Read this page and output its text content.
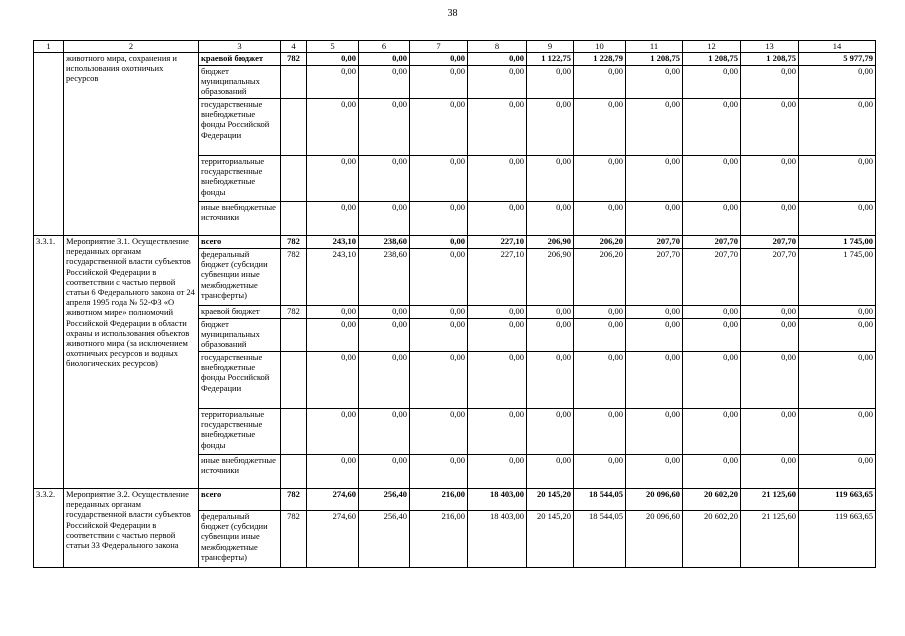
38
1	2	3	4	5	6	7	8	9	10	11	12	13	14
	животного мира, сохранения и использования охотничьих ресурсов	краевой бюджет	782	0,00	0,00	0,00	0,00	1 122,75	1 228,79	1 208,75	1 208,75	1 208,75	5 977,79
		бюджет муниципальных образований		0,00	0,00	0,00	0,00	0,00	0,00	0,00	0,00	0,00	0,00
		государственные внебюджетные фонды Российской Федерации		0,00	0,00	0,00	0,00	0,00	0,00	0,00	0,00	0,00	0,00
		территориальные государственные внебюджетные фонды		0,00	0,00	0,00	0,00	0,00	0,00	0,00	0,00	0,00	0,00
		иные внебюджетные источники		0,00	0,00	0,00	0,00	0,00	0,00	0,00	0,00	0,00	0,00
3.3.1.	Мероприятие 3.1. Осуществление переданных органам государственной власти субъектов Российской Федерации в соответствии с частью первой статьи 6 Федерального закона от 24 апреля 1995 года № 52-ФЗ «О животном мире» полномочий Российской Федерации в области охраны и использования объектов животного мира (за исключением охотничьих ресурсов и водных биологических ресурсов)	всего	782	243,10	238,60	0,00	227,10	206,90	206,20	207,70	207,70	207,70	1 745,00
		федеральный бюджет (субсидии субвенции иные межбюджетные трансферты)	782	243,10	238,60	0,00	227,10	206,90	206,20	207,70	207,70	207,70	1 745,00
		краевой бюджет	782	0,00	0,00	0,00	0,00	0,00	0,00	0,00	0,00	0,00	0,00
		бюджет муниципальных образований		0,00	0,00	0,00	0,00	0,00	0,00	0,00	0,00	0,00	0,00
		государственные внебюджетные фонды Российской Федерации		0,00	0,00	0,00	0,00	0,00	0,00	0,00	0,00	0,00	0,00
		территориальные государственные внебюджетные фонды		0,00	0,00	0,00	0,00	0,00	0,00	0,00	0,00	0,00	0,00
		иные внебюджетные источники		0,00	0,00	0,00	0,00	0,00	0,00	0,00	0,00	0,00	0,00
3.3.2.	Мероприятие 3.2. Осуществление переданных органам государственной власти субъектов Российской Федерации в соответствии с частью первой статьи 33 Федерального закона	всего	782	274,60	256,40	216,00	18 403,00	20 145,20	18 544,05	20 096,60	20 602,20	21 125,60	119 663,65
		федеральный бюджет (субсидии субвенции иные межбюджетные трансферты)	782	274,60	256,40	216,00	18 403,00	20 145,20	18 544,05	20 096,60	20 602,20	21 125,60	119 663,65
